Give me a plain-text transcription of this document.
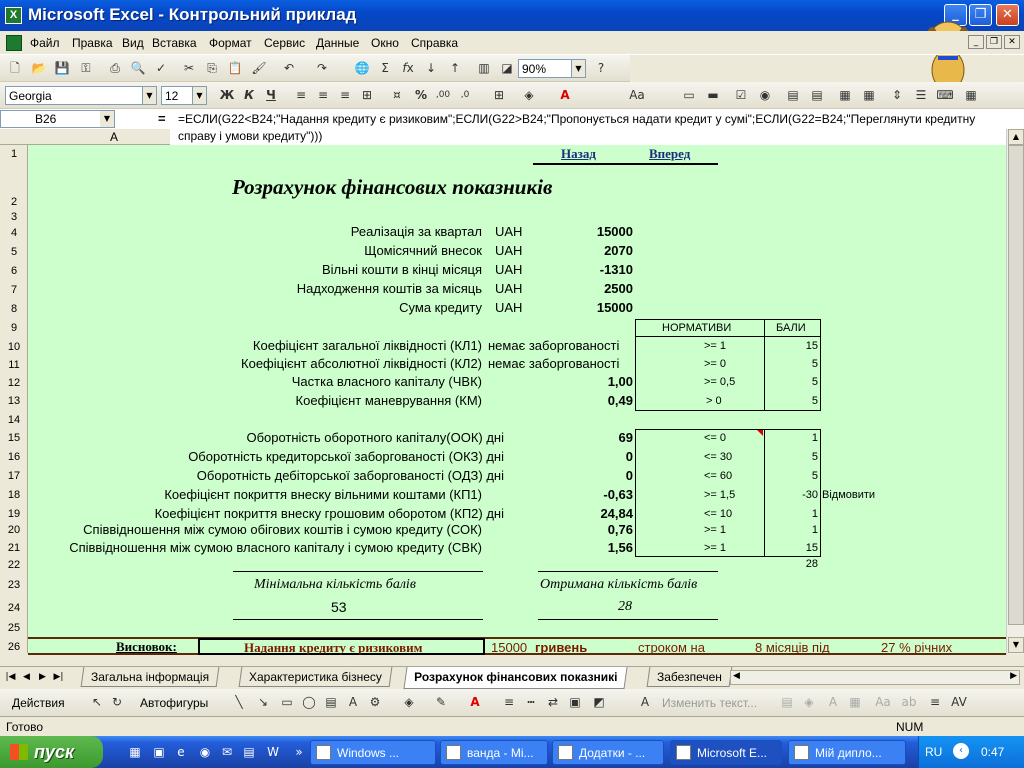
X Microsoft Excel - Контрольний приклад	_	❐	✕
Файл Правка Вид Вставка Формат Сервис Данные Окно Справка	_	❐	✕
🗋 📂 💾 ⚿	⎙ 🔍 ✓	✂	⎘ 📋 🖌	↶	↷	🌐 Σ	fx	↓	↑	▥ ◪ 90%	▼	?
Georgia	▼	12	▼ Ж К	Ч	≡ ≡ ≡ ⊞	¤	% ,00	,0	⊞	◈	A	Аа	▭ ▬	☑	◉	▤ ▤ ▦ ▦	⇕	☰ ⌨ ▦
B26	▼	= =ЕСЛИ(G22<B24;"Надання кредиту є ризиковим";ЕСЛИ(G22>B24;"Пропонується надати кредит у сумі";ЕСЛИ(G22=B24;"Переглянути кредитну справу і умови кредиту")))
A
1
2
3
4
5
6
7
8
9
10
11
12
13
14
15
16
17
18
19
20
21
22
23
24
25
26
Назад	Вперед
Розрахунок фінансових показників
Реалізація за квартал UAH	15000
Щомісячний внесок UAH	2070
Вільні кошти в кінці місяця UAH	-1310
Надходження коштів за місяць UAH	2500
Сума кредиту UAH	15000
НОРМАТИВИ	БАЛИ
Коефіцієнт загальної ліквідності (КЛ1) немає заборгованості	>= 1	15
Коефіцієнт абсолютної ліквідності (КЛ2) немає заборгованості	>= 0	5
Частка власного капіталу (ЧВК)	1,00	>= 0,5	5
Коефіцієнт маневрування (КМ)	0,49	> 0	5
Оборотність оборотного капіталу(ООК) дні	69	<= 0	1
Оборотність кредиторської заборгованості (ОКЗ) дні	0	<= 30	5
Оборотність дебіторської заборгованості (ОДЗ) дні	0	<= 60	5
Коефіцієнт покриття внеску вільними коштами (КП1)	-0,63	>= 1,5	-30 Відмовити
Коефіцієнт покриття внеску грошовим оборотом (КП2) дні	24,84	<= 10	1
Співвідношення між сумою обігових коштів і сумою кредиту (СОК)	0,76	>= 1	1
Співвідношення між сумою власного капіталу і сумою кредиту (СВК)	1,56	>= 1	15
28
Мінімальна кількість балів	Отримана кількість балів
53	28
Висновок:	Надання кредиту є ризиковим	15000 гривень	строком на	8 місяців під	27 % річних
▲
▼
|◀ ◀	▶ ▶|	Загальна інформація	Характеристика бізнесу	Розрахунок фінансових показникі	Забезпечен	◀	▶
Действия	↖ ↻	Автофигуры	╲	↘	▭ ◯ ▤	A	⚙	◈	✎	A	≡	┅	⇄ ▣ ◩	A	Изменить текст... ▤ ◈	A	▦ Aa ab	≡ AV
Готово	NUM
пуск	▦ ▣	e	◉ ✉ ▤ W	»	Windows ...	ванда - Mi...	Додатки - ...	Microsoft E...	Мій дипло...	RU	‹	0:47
